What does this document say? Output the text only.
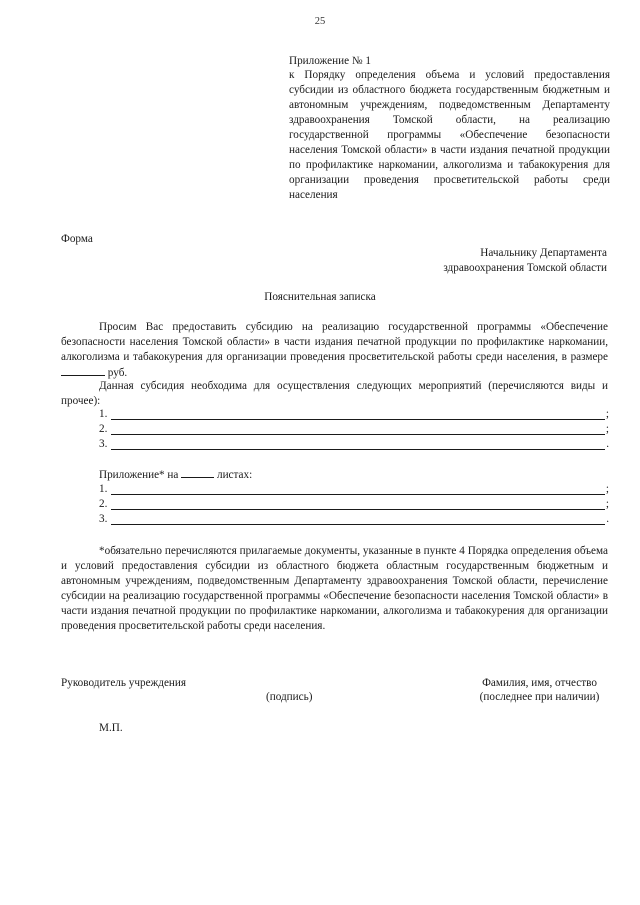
25
Приложение № 1
к Порядку определения объема и условий предоставления субсидии из областного бюджета государственным бюджетным и автономным учреждениям, подведомственным Департаменту здравоохранения Томской области, на реализацию государственной программы «Обеспечение безопасности населения Томской области» в части издания печатной продукции по профилактике наркомании, алкоголизма и табакокурения для организации проведения просветительской работы среди населения
Форма
Начальнику Департамента
здравоохранения Томской области
Пояснительная записка
Просим Вас предоставить субсидию на реализацию государственной программы «Обеспечение безопасности населения Томской области» в части издания печатной продукции по профилактике наркомании, алкоголизма и табакокурения для организации проведения просветительской работы среди населения, в размере  руб.
Данная субсидия необходима для осуществления следующих мероприятий (перечисляются виды и прочее):
1.	;
2.	;
3.	.
Приложение* на	листах:
1.	;
2.	;
3.	.
*обязательно перечисляются прилагаемые документы, указанные в пункте 4 Порядка определения объема и условий предоставления субсидии из областного бюджета областным государственным бюджетным и автономным учреждениям, подведомственным Департаменту здравоохранения Томской области, перечисление субсидии на реализацию государственной программы «Обеспечение безопасности населения Томской области» в части издания печатной продукции по профилактике наркомании, алкоголизма и табакокурения для организации проведения просветительской работы среди населения.
Руководитель учреждения	Фамилия, имя, отчество
(подпись)	(последнее при наличии)
М.П.
